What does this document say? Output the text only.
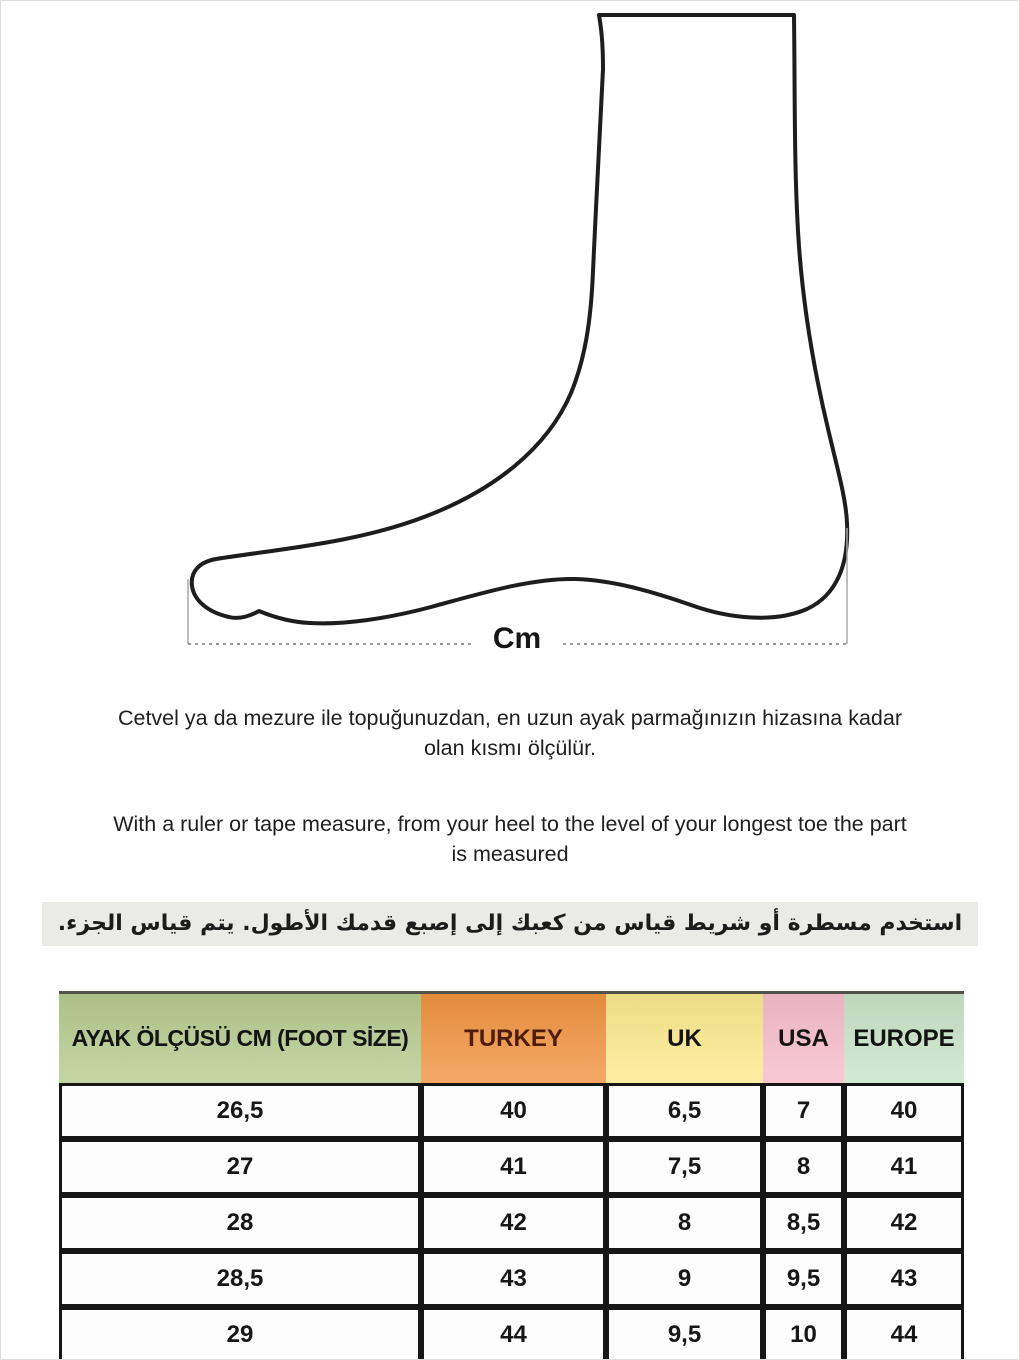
Cm

Cetvel ya da mezure ile topuğunuzdan, en uzun ayak parmağınızın hizasına kadar olan kısmı ölçülür.

With a ruler or tape measure, from your heel to the level of your longest toe the part is measured

استخدم مسطرة أو شريط قياس من كعبك إلى إصبع قدمك الأطول. يتم قياس الجزء.
AYAK ÖLÇÜSÜ CM (FOOT SİZE)	TURKEY	UK	USA	EUROPE
26,5	40	6,5	7	40
27	41	7,5	8	41
28	42	8	8,5	42
28,5	43	9	9,5	43
29	44	9,5	10	44
